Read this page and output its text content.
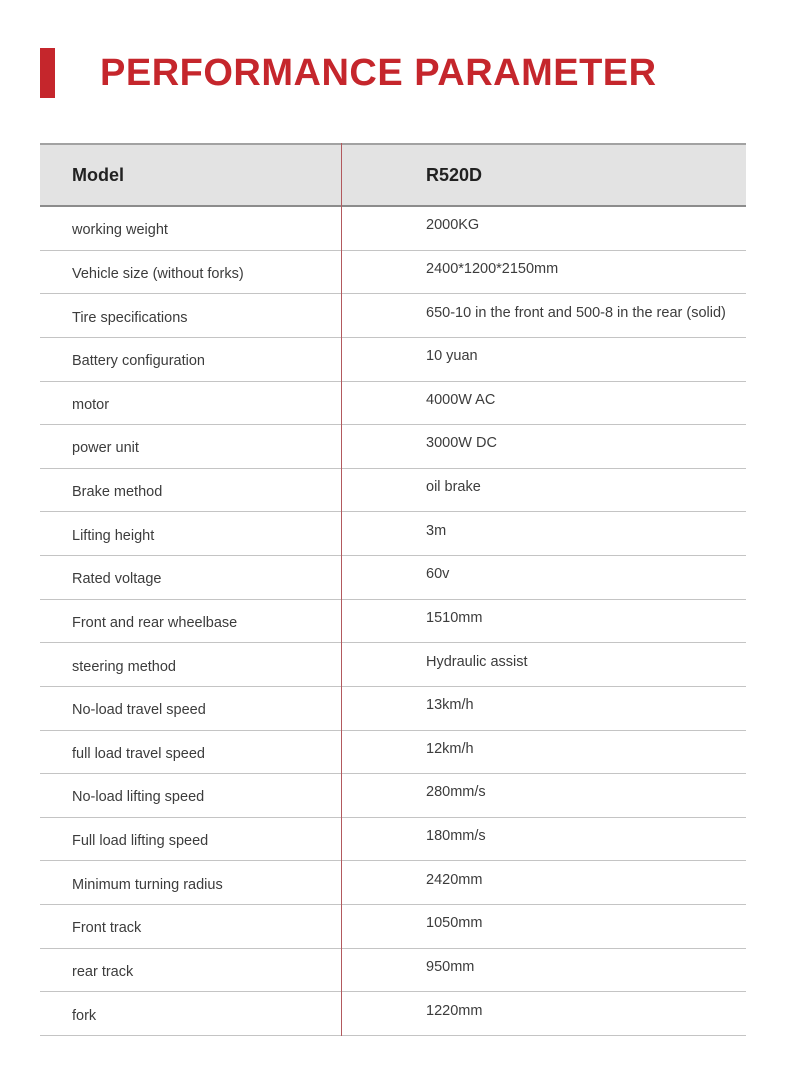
PERFORMANCE PARAMETER
Model	R520D
working weight	2000KG
Vehicle size (without forks)	2400*1200*2150mm
Tire specifications	650-10 in the front and 500-8 in the rear (solid)
Battery configuration	10 yuan
motor	4000W AC
power unit	3000W DC
Brake method	oil brake
Lifting height	3m
Rated voltage	60v
Front and rear wheelbase	1510mm
steering method	Hydraulic assist
No-load travel speed	13km/h
full load travel speed	12km/h
No-load lifting speed	280mm/s
Full load lifting speed	180mm/s
Minimum turning radius	2420mm
Front track	1050mm
rear track	950mm
fork	1220mm
